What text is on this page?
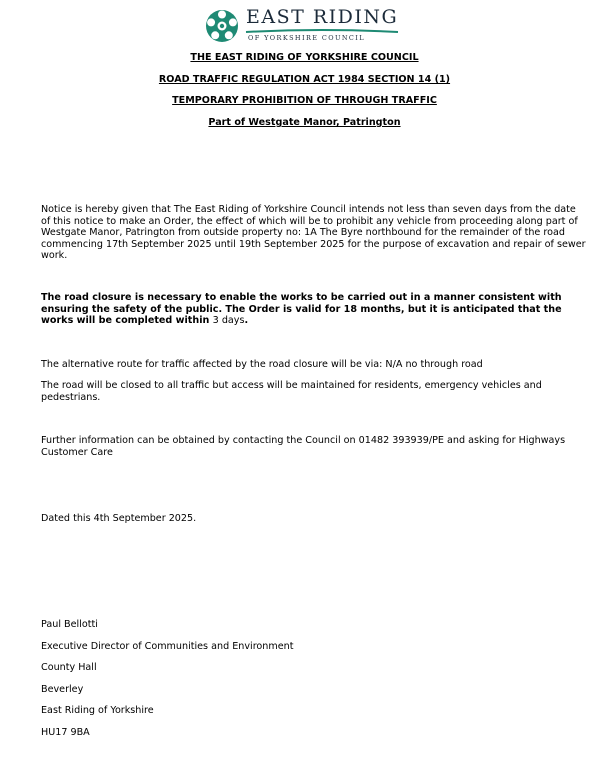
EAST RIDING
OF YORKSHIRE COUNCIL
THE EAST RIDING OF YORKSHIRE COUNCIL
ROAD TRAFFIC REGULATION ACT 1984 SECTION 14 (1)
TEMPORARY PROHIBITION OF THROUGH TRAFFIC
Part of Westgate Manor, Patrington

Notice is hereby given that The East Riding of Yorkshire Council intends not less than seven days from the date of this notice to make an Order, the effect of which will be to prohibit any vehicle from proceeding along part of Westgate Manor, Patrington from outside property no: 1A The Byre northbound for the remainder of the road commencing 17th September 2025 until 19th September 2025 for the purpose of excavation and repair of sewer work.

The road closure is necessary to enable the works to be carried out in a manner consistent with ensuring the safety of the public. The Order is valid for 18 months, but it is anticipated that the works will be completed within 3 days.

The alternative route for traffic affected by the road closure will be via: N/A no through road

The road will be closed to all traffic but access will be maintained for residents, emergency vehicles and pedestrians.

Further information can be obtained by contacting the Council on 01482 393939/PE and asking for Highways Customer Care

Dated this 4th September 2025.

Paul Bellotti
Executive Director of Communities and Environment
County Hall
Beverley
East Riding of Yorkshire
HU17 9BA
